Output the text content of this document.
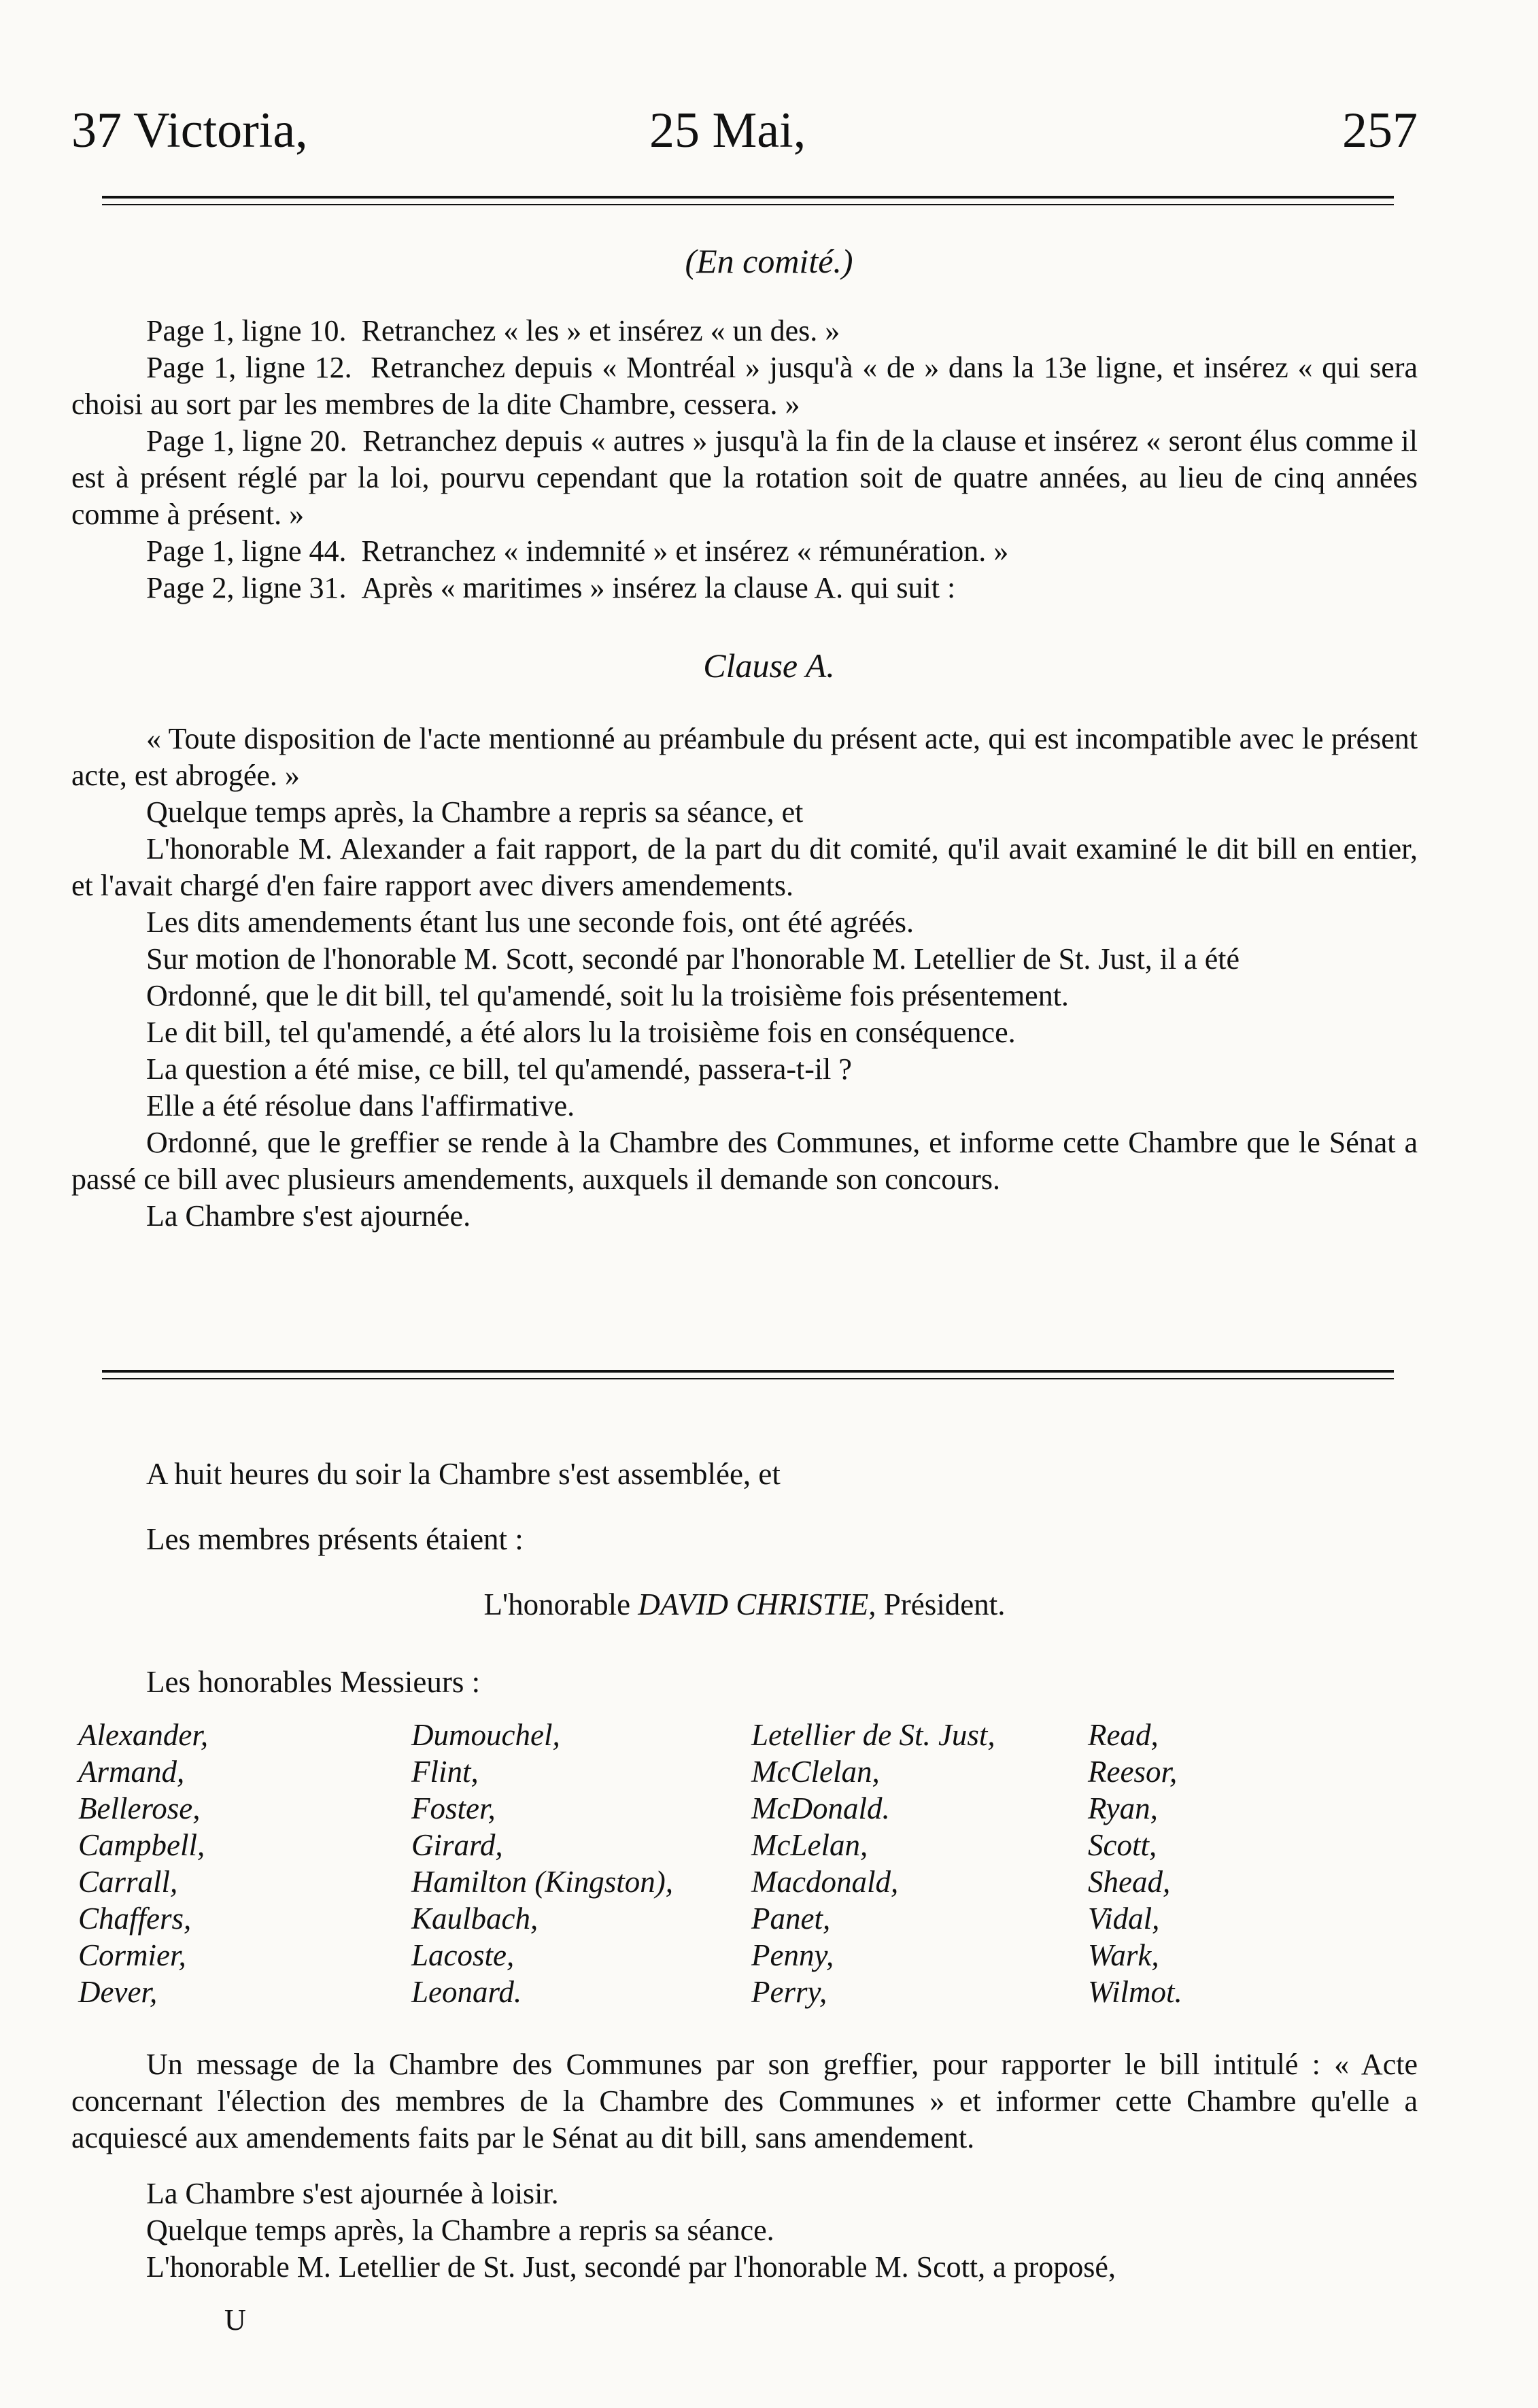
37 Victoria,	25 Mai,	257
(En comité.)

Page 1, ligne 10. Retranchez « les » et insérez « un des. »

Page 1, ligne 12. Retranchez depuis « Montréal » jusqu'à « de » dans la 13e ligne, et insérez « qui sera choisi au sort par les membres de la dite Chambre, cessera. »

Page 1, ligne 20. Retranchez depuis « autres » jusqu'à la fin de la clause et insérez « seront élus comme il est à présent réglé par la loi, pourvu cependant que la rotation soit de quatre années, au lieu de cinq années comme à présent. »

Page 1, ligne 44. Retranchez « indemnité » et insérez « rémunération. »

Page 2, ligne 31. Après « maritimes » insérez la clause A. qui suit :

Clause A.

« Toute disposition de l'acte mentionné au préambule du présent acte, qui est incompatible avec le présent acte, est abrogée. »

Quelque temps après, la Chambre a repris sa séance, et

L'honorable M. Alexander a fait rapport, de la part du dit comité, qu'il avait examiné le dit bill en entier, et l'avait chargé d'en faire rapport avec divers amendements.

Les dits amendements étant lus une seconde fois, ont été agréés.

Sur motion de l'honorable M. Scott, secondé par l'honorable M. Letellier de St. Just, il a été

Ordonné, que le dit bill, tel qu'amendé, soit lu la troisième fois présentement.

Le dit bill, tel qu'amendé, a été alors lu la troisième fois en conséquence.

La question a été mise, ce bill, tel qu'amendé, passera-t-il ?

Elle a été résolue dans l'affirmative.

Ordonné, que le greffier se rende à la Chambre des Communes, et informe cette Chambre que le Sénat a passé ce bill avec plusieurs amendements, auxquels il demande son concours.

La Chambre s'est ajournée.

A huit heures du soir la Chambre s'est assemblée, et

Les membres présents étaient :

L'honorable DAVID CHRISTIE, Président.

Les honorables Messieurs :

Alexander,
Armand,
Bellerose,
Campbell,
Carrall,
Chaffers,
Cormier,
Dever,
Dumouchel,
Flint,
Foster,
Girard,
Hamilton (Kingston),
Kaulbach,
Lacoste,
Leonard.
Letellier de St. Just,
McClelan,
McDonald.
McLelan,
Macdonald,
Panet,
Penny,
Perry,
Read,
Reesor,
Ryan,
Scott,
Shead,
Vidal,
Wark,
Wilmot.

Un message de la Chambre des Communes par son greffier, pour rapporter le bill intitulé : « Acte concernant l'élection des membres de la Chambre des Communes » et informer cette Chambre qu'elle a acquiescé aux amendements faits par le Sénat au dit bill, sans amendement.

La Chambre s'est ajournée à loisir.

Quelque temps après, la Chambre a repris sa séance.

L'honorable M. Letellier de St. Just, secondé par l'honorable M. Scott, a proposé,

U
